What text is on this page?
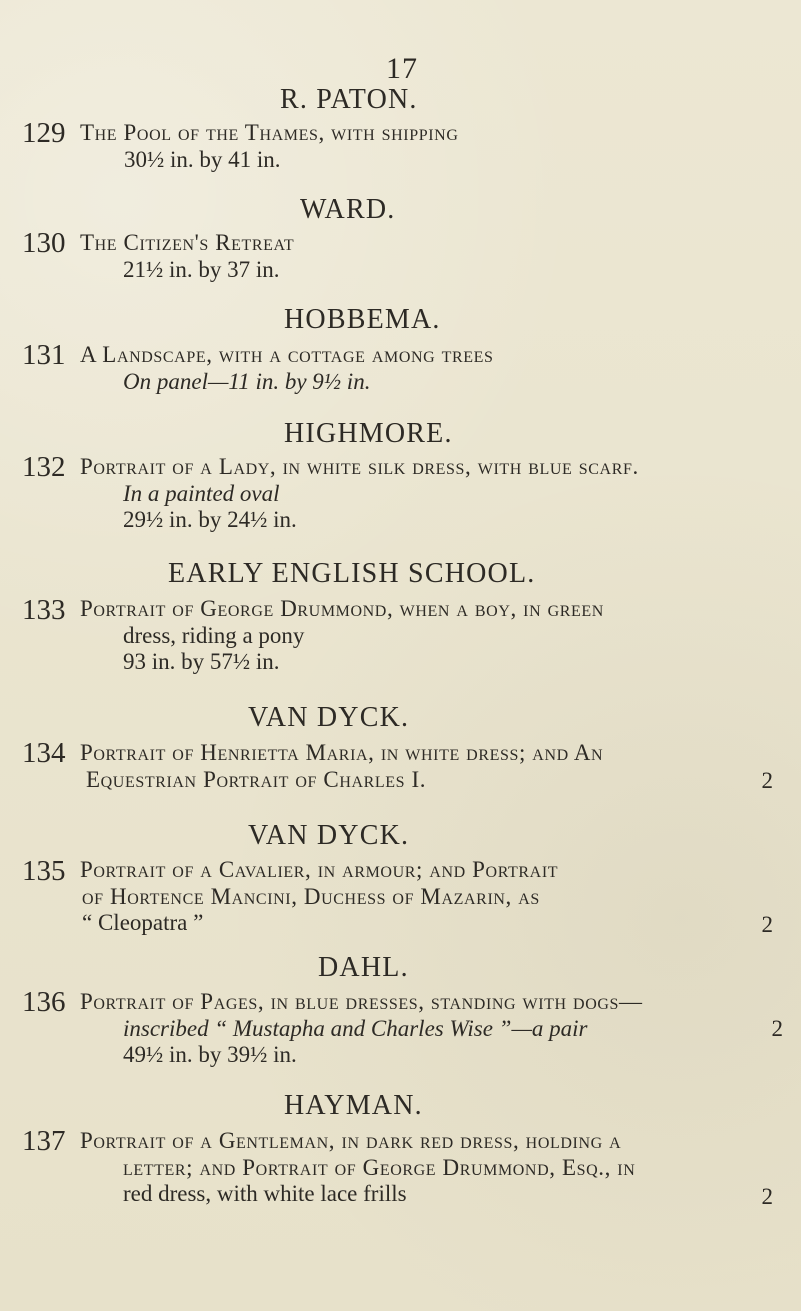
17
R. PATON.
129 The Pool of the Thames, with shipping
30½ in. by 41 in.
WARD.
130 The Citizen's Retreat
21½ in. by 37 in.
HOBBEMA.
131 A Landscape, with a cottage among trees
On panel—11 in. by 9½ in.
HIGHMORE.
132 Portrait of a Lady, in white silk dress, with blue scarf.
In a painted oval
29½ in. by 24½ in.
EARLY ENGLISH SCHOOL.
133 Portrait of George Drummond, when a boy, in green
dress, riding a pony
93 in. by 57½ in.
VAN DYCK.
134 Portrait of Henrietta Maria, in white dress; and An
Equestrian Portrait of Charles I.	2
VAN DYCK.
135 Portrait of a Cavalier, in armour; and Portrait
of Hortence Mancini, Duchess of Mazarin, as
“ Cleopatra ”	2
DAHL.
136 Portrait of Pages, in blue dresses, standing with dogs—
inscribed “ Mustapha and Charles Wise ”—a pair	2
49½ in. by 39½ in.
HAYMAN.
137 Portrait of a Gentleman, in dark red dress, holding a
letter; and Portrait of George Drummond, Esq., in
red dress, with white lace frills	2
